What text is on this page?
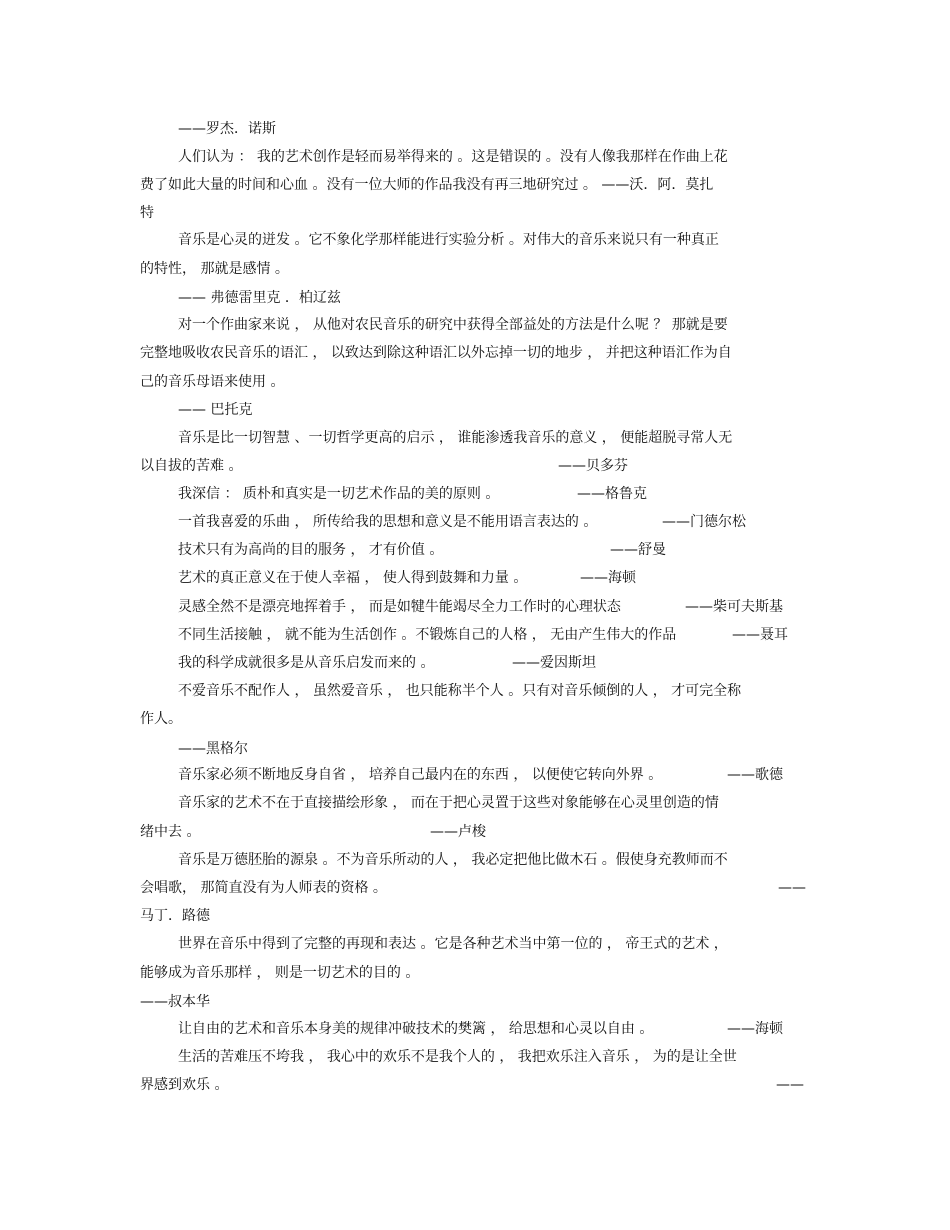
——罗杰．诺斯
人们认为 ： 我的艺术创作是轻而易举得来的 。这是错误的 。没有人像我那样在作曲上花
费了如此大量的时间和心血 。没有一位大师的作品我没有再三地研究过 。 ——沃．阿．莫扎
特
音乐是心灵的迸发 。它不象化学那样能进行实验分析 。对伟大的音乐来说只有一种真正
的特性， 那就是感情 。
—— 弗德雷里克 ．柏辽兹
对一个作曲家来说 ， 从他对农民音乐的研究中获得全部益处的方法是什么呢 ？ 那就是要
完整地吸收农民音乐的语汇 ， 以致达到除这种语汇以外忘掉一切的地步 ， 并把这种语汇作为自
己的音乐母语来使用 。
—— 巴托克
音乐是比一切智慧 、一切哲学更高的启示 ， 谁能渗透我音乐的意义 ， 便能超脱寻常人无
以自拔的苦难 。	——贝多芬
我深信 ： 质朴和真实是一切艺术作品的美的原则 。	——格鲁克
一首我喜爱的乐曲 ， 所传给我的思想和意义是不能用语言表达的 。	——门德尔松
技术只有为高尚的目的服务 ， 才有价值 。	——舒曼
艺术的真正意义在于使人幸福 ， 使人得到鼓舞和力量 。	——海顿
灵感全然不是漂亮地挥着手 ， 而是如犍牛能竭尽全力工作时的心理状态	——柴可夫斯基
不同生活接触 ， 就不能为生活创作 。不锻炼自己的人格 ， 无由产生伟大的作品	——聂耳
我的科学成就很多是从音乐启发而来的 。	——爱因斯坦
不爱音乐不配作人 ， 虽然爱音乐 ， 也只能称半个人 。只有对音乐倾倒的人 ， 才可完全称
作人。
——黑格尔
音乐家必须不断地反身自省 ， 培养自己最内在的东西 ， 以便使它转向外界 。	——歌德
音乐家的艺术不在于直接描绘形象 ， 而在于把心灵置于这些对象能够在心灵里创造的情
绪中去 。	——卢梭
音乐是万德胚胎的源泉 。不为音乐所动的人 ， 我必定把他比做木石 。假使身充教师而不
会唱歌， 那简直没有为人师表的资格 。	——
马丁．路德
世界在音乐中得到了完整的再现和表达 。它是各种艺术当中第一位的 ， 帝王式的艺术 ，
能够成为音乐那样 ， 则是一切艺术的目的 。
——叔本华
让自由的艺术和音乐本身美的规律冲破技术的樊篱 ， 给思想和心灵以自由 。	——海顿
生活的苦难压不垮我 ， 我心中的欢乐不是我个人的 ， 我把欢乐注入音乐 ， 为的是让全世
界感到欢乐 。	——
